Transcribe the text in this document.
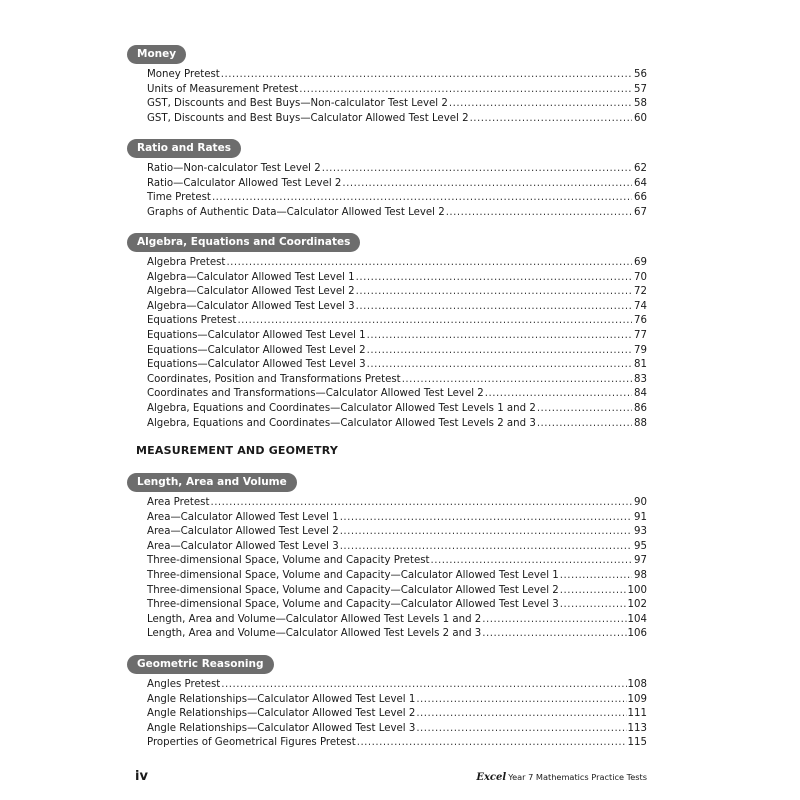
Money
Money Pretest .....	56
Units of Measurement Pretest .....	57
GST, Discounts and Best Buys—Non-calculator Test Level 2 .....	58
GST, Discounts and Best Buys—Calculator Allowed Test Level 2 .....	60
Ratio and Rates
Ratio—Non-calculator Test Level 2 .....	62
Ratio—Calculator Allowed Test Level 2 .....	64
Time Pretest .....	66
Graphs of Authentic Data—Calculator Allowed Test Level 2 .....	67
Algebra, Equations and Coordinates
Algebra Pretest .....	69
Algebra—Calculator Allowed Test Level 1 .....	70
Algebra—Calculator Allowed Test Level 2 .....	72
Algebra—Calculator Allowed Test Level 3 .....	74
Equations Pretest .....	76
Equations—Calculator Allowed Test Level 1 .....	77
Equations—Calculator Allowed Test Level 2 .....	79
Equations—Calculator Allowed Test Level 3 .....	81
Coordinates, Position and Transformations Pretest .....	83
Coordinates and Transformations—Calculator Allowed Test Level 2 .....	84
Algebra, Equations and Coordinates—Calculator Allowed Test Levels 1 and 2 .....	86
Algebra, Equations and Coordinates—Calculator Allowed Test Levels 2 and 3 .....	88
MEASUREMENT AND GEOMETRY
Length, Area and Volume
Area Pretest .....	90
Area—Calculator Allowed Test Level 1 .....	91
Area—Calculator Allowed Test Level 2 .....	93
Area—Calculator Allowed Test Level 3 .....	95
Three-dimensional Space, Volume and Capacity Pretest .....	97
Three-dimensional Space, Volume and Capacity—Calculator Allowed Test Level 1 .....	98
Three-dimensional Space, Volume and Capacity—Calculator Allowed Test Level 2 .....	100
Three-dimensional Space, Volume and Capacity—Calculator Allowed Test Level 3 .....	102
Length, Area and Volume—Calculator Allowed Test Levels 1 and 2 .....	104
Length, Area and Volume—Calculator Allowed Test Levels 2 and 3 .....	106
Geometric Reasoning
Angles Pretest .....	108
Angle Relationships—Calculator Allowed Test Level 1 .....	109
Angle Relationships—Calculator Allowed Test Level 2 .....	111
Angle Relationships—Calculator Allowed Test Level 3 .....	113
Properties of Geometrical Figures Pretest .....	115
iv	Excel Year 7 Mathematics Practice Tests
